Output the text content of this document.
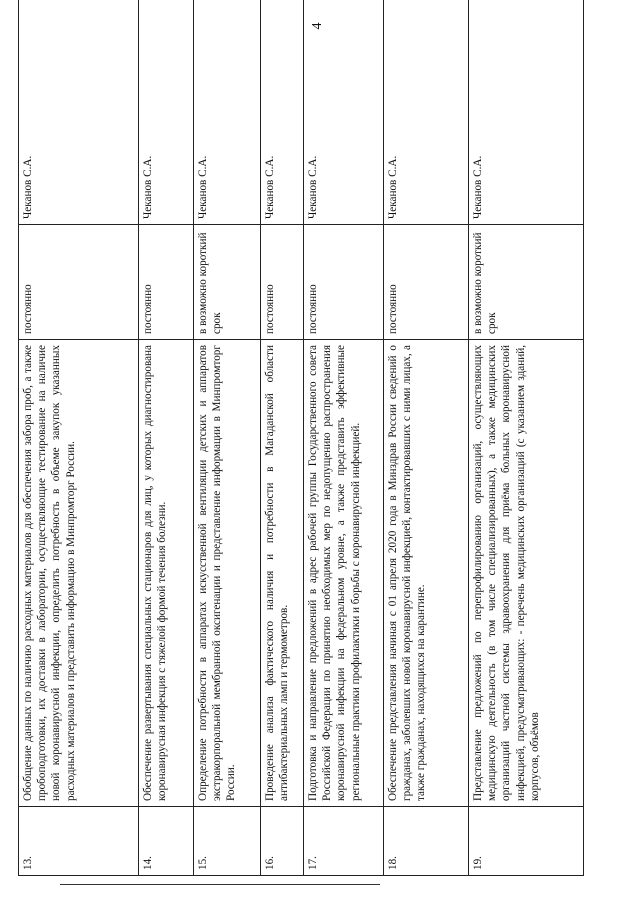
4
13.	Обобщение данных по наличию расходных материалов для обеспечения забора проб, а также пробоподготовки, их доставки в лаборатории, осуществляющие тестирование на наличие новой коронавирусной инфекции, определить потребность в объеме закупок указанных расходных материалов и представить информацию в Минпромторг России.	постоянно	Чеканов С.А.
14.	Обеспечение развертывания специальных стационаров для лиц, у которых диагностирована коронавирусная инфекция с тяжелой формой течения болезни.	постоянно	Чеканов С.А.
15.	Определение потребности в аппаратах искусственной вентиляции детских и аппаратов экстракорпоральной мембранной оксигенации и представление информации в Минпромторг России.	в возможно короткий срок	Чеканов С.А.
16.	Проведение анализа фактического наличия и потребности в Магаданской области антибактериальных ламп и термометров.	постоянно	Чеканов С.А.
17.	Подготовка и направление предложений в адрес рабочей группы Государственного совета Российской Федерации по принятию необходимых мер по недопущению распространения коронавирусной инфекции на федеральном уровне, а также представить эффективные региональные практики профилактики и борьбы с коронавирусной инфекцией.	постоянно	Чеканов С.А.
18.	Обеспечение представления начиная с 01 апреля 2020 года в Минздрав России сведений о гражданах, заболевших новой коронавирусной инфекцией, контактировавших с ними лицах, а также гражданах, находящихся на карантине.	постоянно	Чеканов С.А.
19.	Представление предложений по перепрофилированию организаций, осуществляющих медицинскую деятельность (в том числе специализированных), а также медицинских организаций частной системы здравоохранения для приёма больных коронавирусной инфекцией, предусматривающих: - перечень медицинских организаций (с указанием зданий, корпусов, объёмов	в возможно короткий срок	Чеканов С.А.
